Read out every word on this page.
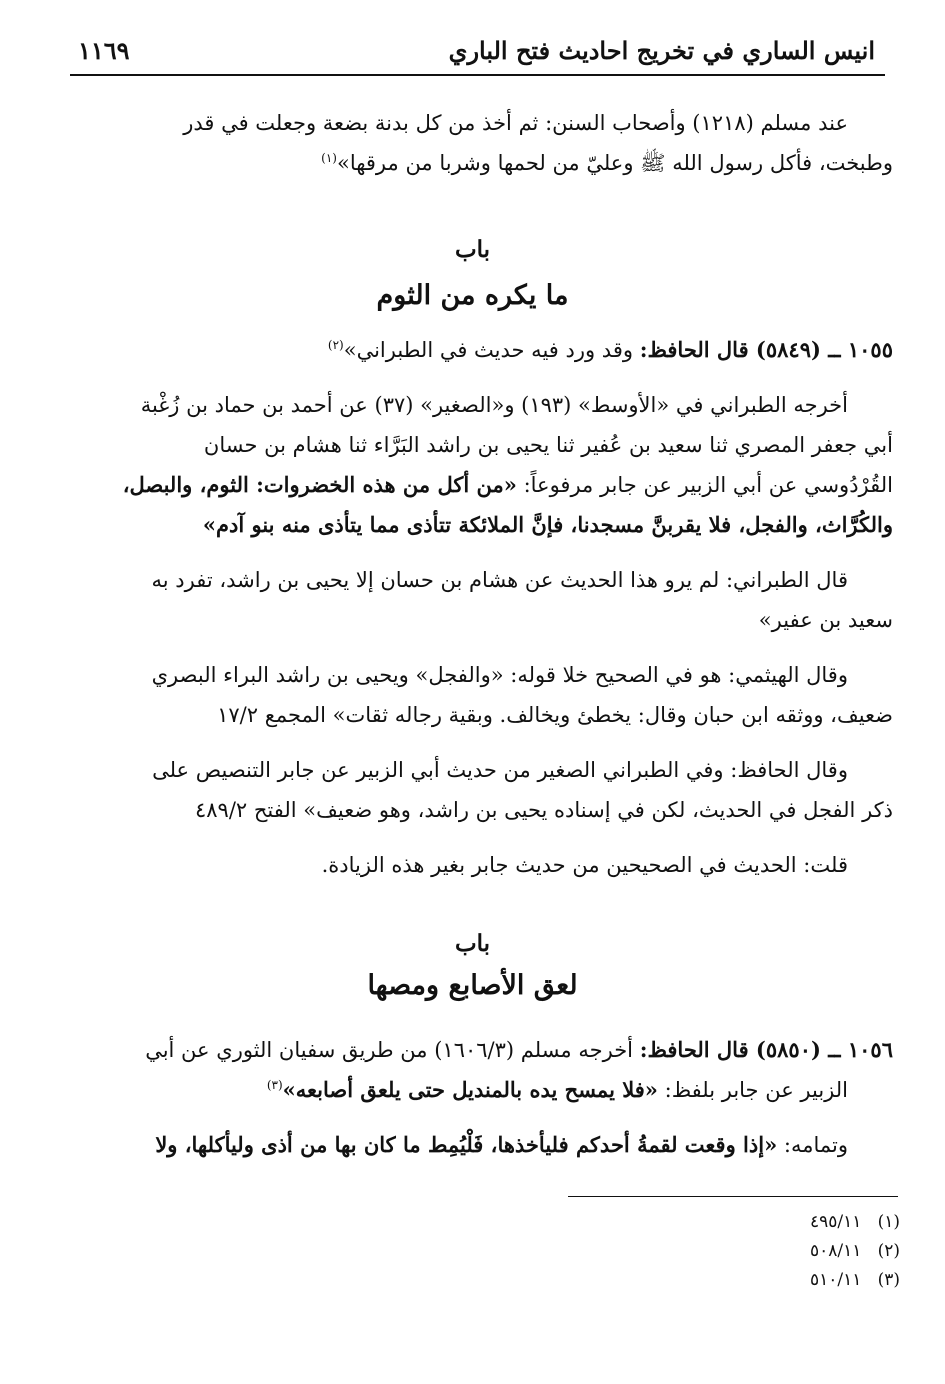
انيس الساري في تخريج احاديث فتح الباري
١١٦٩

عند مسلم (١٢١٨) وأصحاب السنن: ثم أخذ من كل بدنة بضعة وجعلت في قدر

وطبخت، فأكل رسول الله ﷺ وعليّ من لحمها وشربا من مرقها»$^{(١)}$

باب
ما يكره من الثوم

١٠٥٥ ــ (٥٨٤٩) قال الحافظ: وقد ورد فيه حديث في الطبراني»$^{(٢)}$

أخرجه الطبراني في «الأوسط» (١٩٣) و«الصغير» (٣٧) عن أحمد بن حماد بن زُغْبة

أبي جعفر المصري ثنا سعيد بن عُفير ثنا يحيى بن راشد البَرَّاء ثنا هشام بن حسان

القُرْدُوسي عن أبي الزبير عن جابر مرفوعاً: «من أكل من هذه الخضروات: الثوم، والبصل،

والكُرَّاث، والفجل، فلا يقربنَّ مسجدنا، فإنَّ الملائكة تتأذى مما يتأذى منه بنو آدم»

قال الطبراني: لم يرو هذا الحديث عن هشام بن حسان إلا يحيى بن راشد، تفرد به

سعيد بن عفير»

وقال الهيثمي: هو في الصحيح خلا قوله: «والفجل» ويحيى بن راشد البراء البصري

ضعيف، ووثقه ابن حبان وقال: يخطئ ويخالف. وبقية رجاله ثقات» المجمع ١٧/٢

وقال الحافظ: وفي الطبراني الصغير من حديث أبي الزبير عن جابر التنصيص على

ذكر الفجل في الحديث، لكن في إسناده يحيى بن راشد، وهو ضعيف» الفتح ٤٨٩/٢

قلت: الحديث في الصحيحين من حديث جابر بغير هذه الزيادة.

باب
لعق الأصابع ومصها

١٠٥٦ ــ (٥٨٥٠) قال الحافظ: أخرجه مسلم (١٦٠٦/٣) من طريق سفيان الثوري عن أبي

الزبير عن جابر بلفظ: «فلا يمسح يده بالمنديل حتى يلعق أصابعه»$^{(٣)}$

وتمامه: «إذا وقعت لقمةُ أحدكم فليأخذها، فَلْيُمِط ما كان بها من أذى وليأكلها، ولا

(١)   ٤٩٥/١١
(٢)   ٥٠٨/١١
(٣)   ٥١٠/١١
